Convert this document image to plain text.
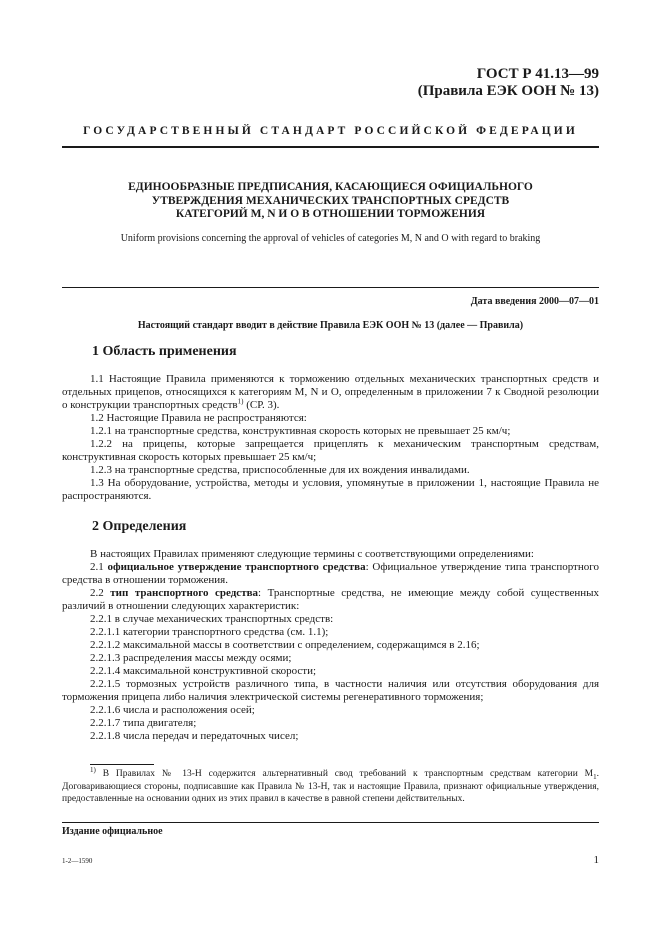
ГОСТ Р 41.13—99
(Правила ЕЭК ООН № 13)
ГОСУДАРСТВЕННЫЙ СТАНДАРТ РОССИЙСКОЙ ФЕДЕРАЦИИ
ЕДИНООБРАЗНЫЕ ПРЕДПИСАНИЯ, КАСАЮЩИЕСЯ ОФИЦИАЛЬНОГО
УТВЕРЖДЕНИЯ МЕХАНИЧЕСКИХ ТРАНСПОРТНЫХ СРЕДСТВ
КАТЕГОРИЙ М, N И О В ОТНОШЕНИИ ТОРМОЖЕНИЯ
Uniform provisions concerning the approval of vehicles of categories M, N and O with regard to braking
Дата введения 2000—07—01
Настоящий стандарт вводит в действие Правила ЕЭК ООН № 13 (далее — Правила)
1 Область применения

1.1 Настоящие Правила применяются к торможению отдельных механических транспортных средств и отдельных прицепов, относящихся к категориям M, N и O, определенным в приложении 7 к Сводной резолюции о конструкции транспортных средств$^{1)}$ (СР. 3).

1.2 Настоящие Правила не распространяются:

1.2.1 на транспортные средства, конструктивная скорость которых не превышает 25 км/ч;

1.2.2 на прицепы, которые запрещается прицеплять к механическим транспортным средствам, конструктивная скорость которых превышает 25 км/ч;

1.2.3 на транспортные средства, приспособленные для их вождения инвалидами.

1.3 На оборудование, устройства, методы и условия, упомянутые в приложении 1, настоящие Правила не распространяются.

2 Определения

В настоящих Правилах применяют следующие термины с соответствующими определениями:

2.1 официальное утверждение транспортного средства: Официальное утверждение типа транспортного средства в отношении торможения.

2.2 тип транспортного средства: Транспортные средства, не имеющие между собой существенных различий в отношении следующих характеристик:

2.2.1 в случае механических транспортных средств:

2.2.1.1 категории транспортного средства (см. 1.1);

2.2.1.2 максимальной массы в соответствии с определением, содержащимся в 2.16;

2.2.1.3 распределения массы между осями;

2.2.1.4 максимальной конструктивной скорости;

2.2.1.5 тормозных устройств различного типа, в частности наличия или отсутствия оборудования для торможения прицепа либо наличия электрической системы регенеративного торможения;

2.2.1.6 числа и расположения осей;

2.2.1.7 типа двигателя;

2.2.1.8 числа передач и передаточных чисел;

$^{1)}$ В Правилах № 13-Н содержится альтернативный свод требований к транспортным средствам категории $M_1$. Договаривающиеся стороны, подписавшие как Правила № 13-Н, так и настоящие Правила, признают официальные утверждения, предоставленные на основании одних из этих правил в качестве в равной степени действительных.

Издание официальное
1-2—1590	1
